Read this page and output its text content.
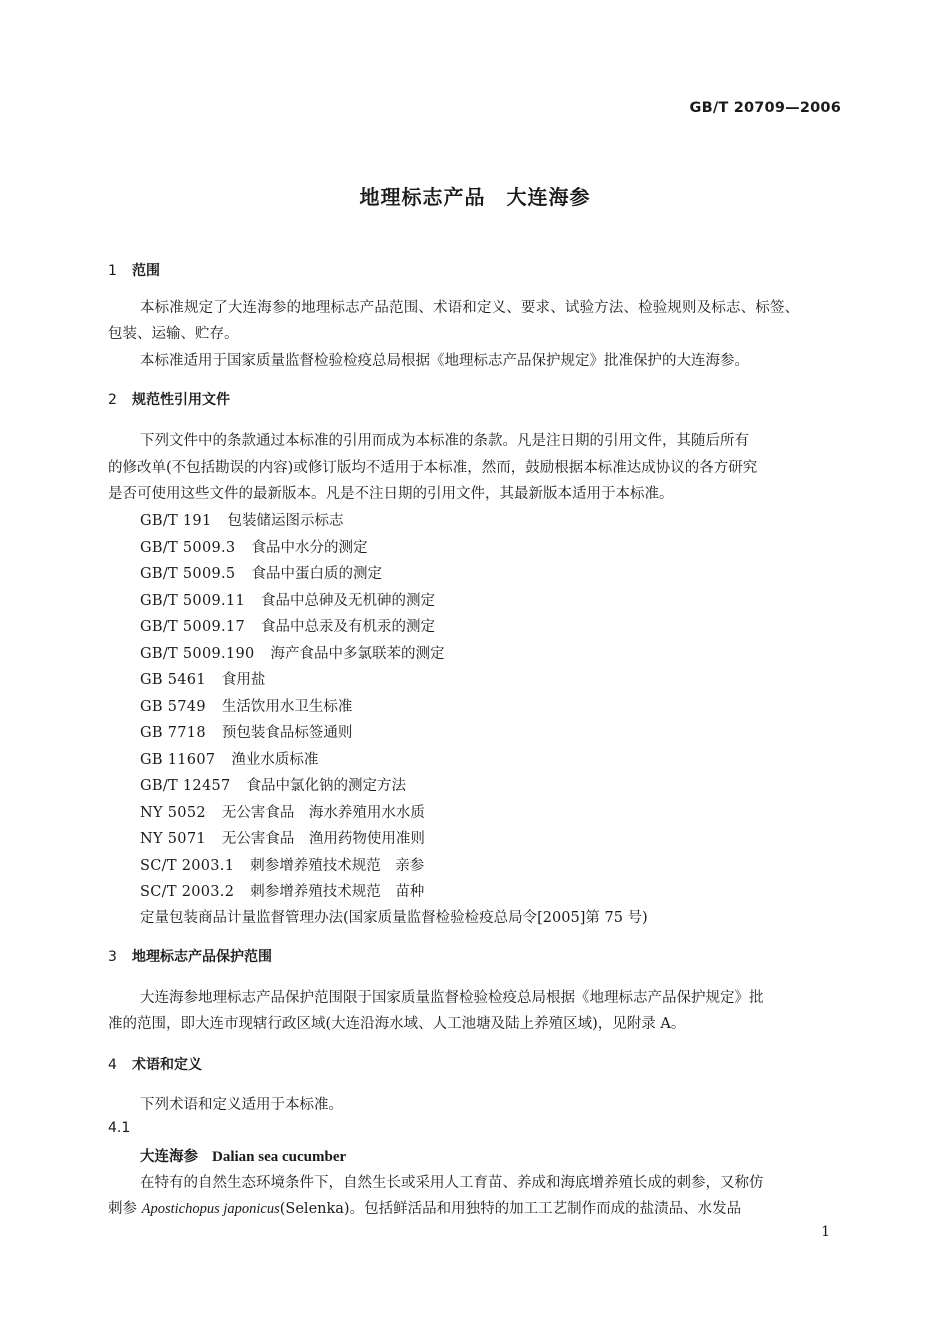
GB/T 20709—2006
地理标志产品　大连海参
1 范围
本标准规定了大连海参的地理标志产品范围、术语和定义、要求、试验方法、检验规则及标志、标签、
包装、运输、贮存。
本标准适用于国家质量监督检验检疫总局根据《地理标志产品保护规定》批准保护的大连海参。
2 规范性引用文件
下列文件中的条款通过本标准的引用而成为本标准的条款。凡是注日期的引用文件，其随后所有
的修改单(不包括勘误的内容)或修订版均不适用于本标准，然而，鼓励根据本标准达成协议的各方研究
是否可使用这些文件的最新版本。凡是不注日期的引用文件，其最新版本适用于本标准。
GB/T 191 包装储运图示标志
GB/T 5009.3 食品中水分的测定
GB/T 5009.5 食品中蛋白质的测定
GB/T 5009.11 食品中总砷及无机砷的测定
GB/T 5009.17 食品中总汞及有机汞的测定
GB/T 5009.190 海产食品中多氯联苯的测定
GB 5461 食用盐
GB 5749 生活饮用水卫生标准
GB 7718 预包装食品标签通则
GB 11607 渔业水质标准
GB/T 12457 食品中氯化钠的测定方法
NY 5052 无公害食品　海水养殖用水水质
NY 5071 无公害食品　渔用药物使用准则
SC/T 2003.1 刺参增养殖技术规范　亲参
SC/T 2003.2 刺参增养殖技术规范　苗种
定量包装商品计量监督管理办法(国家质量监督检验检疫总局令[2005]第 75 号)
3 地理标志产品保护范围
大连海参地理标志产品保护范围限于国家质量监督检验检疫总局根据《地理标志产品保护规定》批
准的范围，即大连市现辖行政区域(大连沿海水域、人工池塘及陆上养殖区域)，见附录 A。
4 术语和定义
下列术语和定义适用于本标准。
4.1
大连海参 Dalian sea cucumber
在特有的自然生态环境条件下，自然生长或采用人工育苗、养成和海底增养殖长成的刺参，又称仿
刺参 Apostichopus japonicus(Selenka)。包括鲜活品和用独特的加工工艺制作而成的盐渍品、水发品
1
